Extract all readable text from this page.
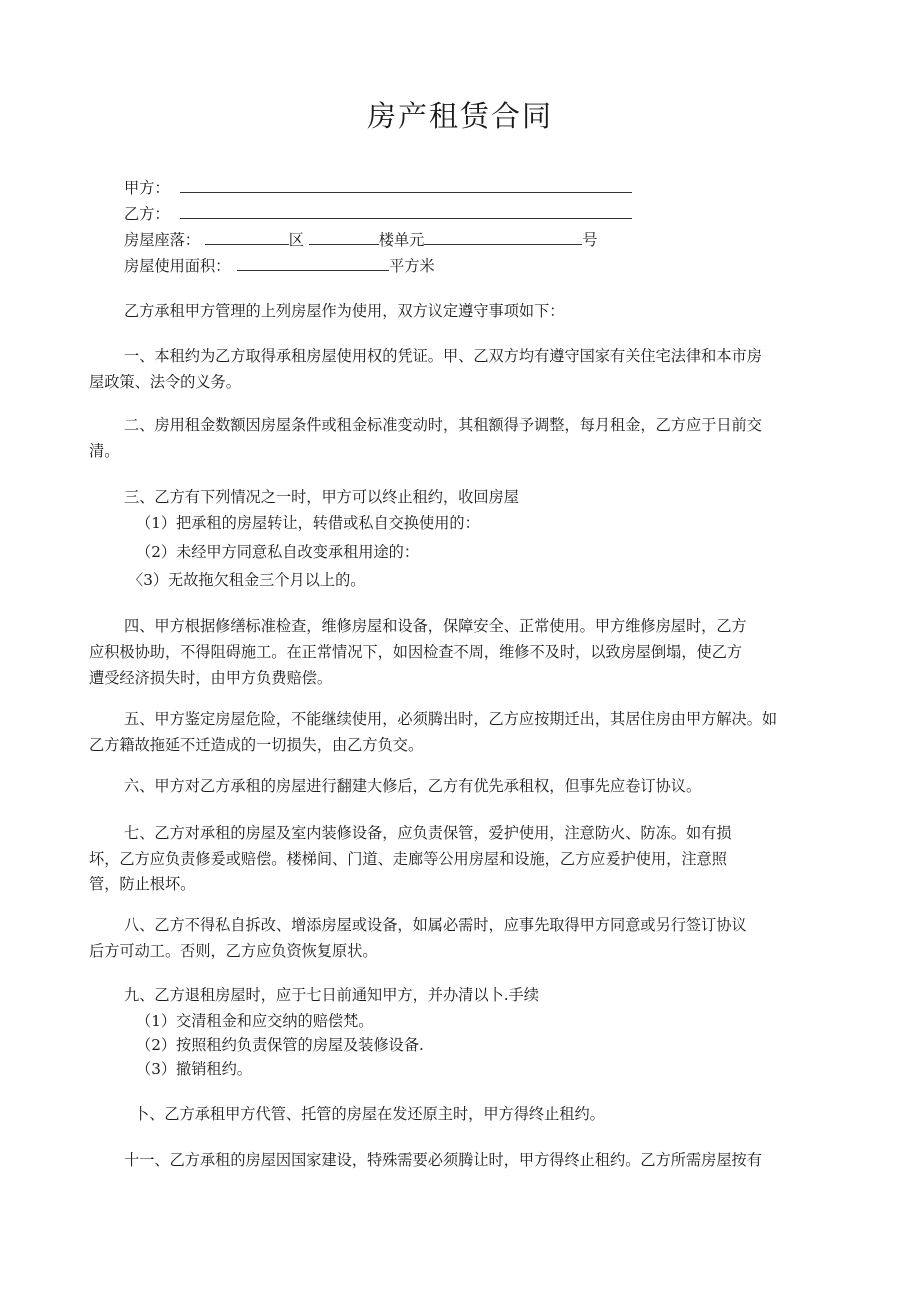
房产租赁合同
甲方：
乙方：
房屋座落：	区	楼单元	号
房屋使用面积：	平方米
乙方承租甲方管理的上列房屋作为使用，双方议定遵守事项如下：
一、本租约为乙方取得承租房屋使用权的凭证。甲、乙双方均有遵守国家有关住宅法律和本市房
屋政策、法令的义务。
二、房用租金数额因房屋条件或租金标准变动时，其租额得予调整，每月租金，乙方应于日前交
清。
三、乙方有下列情况之一时，甲方可以终止租约，收回房屋
（1）把承租的房屋转让，转借或私自交换使用的：
（2）未经甲方同意私自改变承租用途的：
〈3）无故拖欠租金三个月以上的。
四、甲方根据修缮标准检查，维修房屋和设备，保障安全、正常使用。甲方维修房屋时，乙方
应积极协助，不得阻碍施工。在正常情况下，如因检查不周，维修不及时，以致房屋倒塌，使乙方
遭受经济损失时，由甲方负费赔偿。
五、甲方鉴定房屋危险，不能继续使用，必须腾出时，乙方应按期迁出，其居住房由甲方解决。如
乙方籍故拖延不迁造成的一切损失，由乙方负交。
六、甲方对乙方承租的房屋进行翻建大修后，乙方有优先承租权，但事先应卷订协议。
七、乙方对承租的房屋及室内装修设备，应负责保管，爱护使用，注意防火、防冻。如有损
坏，乙方应负责修爰或赔偿。楼梯间、门道、走廊等公用房屋和设施，乙方应爰护使用，注意照
管，防止根坏。
八、乙方不得私自拆改、增添房屋或设备，如属必需时，应事先取得甲方同意或另行签订协议
后方可动工。否则，乙方应负资恢复原状。
九、乙方退租房屋时，应于七日前通知甲方，并办清以卜.手续
（1）交清租金和应交纳的赔偿梵。
（2）按照租约负责保管的房屋及装修设备.
（3）撤销租约。
卜、乙方承租甲方代管、托管的房屋在发还原主时，甲方得终止租约。
十一、乙方承租的房屋因国家建设，特殊需要必须腾让时，甲方得终止租约。乙方所需房屋按有
